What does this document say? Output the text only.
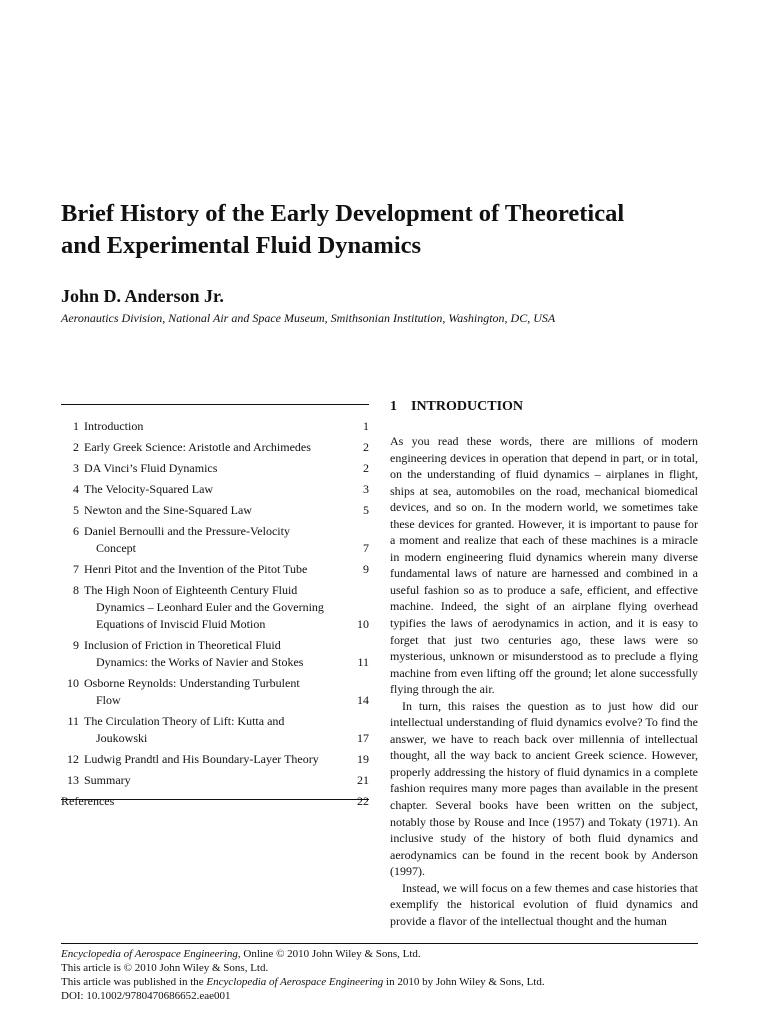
Brief History of the Early Development of Theoretical
and Experimental Fluid Dynamics
John D. Anderson Jr.
Aeronautics Division, National Air and Space Museum, Smithsonian Institution, Washington, DC, USA
1 Introduction	1
2 Early Greek Science: Aristotle and Archimedes	2
3 DA Vinci’s Fluid Dynamics	2
4 The Velocity-Squared Law	3
5 Newton and the Sine-Squared Law	5
6 Daniel Bernoulli and the Pressure-Velocity
Concept	7
7 Henri Pitot and the Invention of the Pitot Tube	9
8 The High Noon of Eighteenth Century Fluid
Dynamics – Leonhard Euler and the Governing
Equations of Inviscid Fluid Motion	10
9 Inclusion of Friction in Theoretical Fluid
Dynamics: the Works of Navier and Stokes	11
10 Osborne Reynolds: Understanding Turbulent
Flow	14
11 The Circulation Theory of Lift: Kutta and
Joukowski	17
12 Ludwig Prandtl and His Boundary-Layer Theory	19
13 Summary	21
References	22
1 INTRODUCTION

As you read these words, there are millions of modern engineering devices in operation that depend in part, or in total, on the understanding of fluid dynamics – airplanes in flight, ships at sea, automobiles on the road, mechanical biomedical devices, and so on. In the modern world, we sometimes take these devices for granted. However, it is important to pause for a moment and realize that each of these machines is a miracle in modern engineering fluid dynamics wherein many diverse fundamental laws of nature are harnessed and combined in a useful fashion so as to produce a safe, efficient, and effective machine. Indeed, the sight of an airplane flying overhead typifies the laws of aerodynamics in action, and it is easy to forget that just two centuries ago, these laws were so mysterious, unknown or misunderstood as to preclude a flying machine from even lifting off the ground; let alone successfully flying through the air.

In turn, this raises the question as to just how did our intellectual understanding of fluid dynamics evolve? To find the answer, we have to reach back over millennia of intellectual thought, all the way back to ancient Greek science. However, properly addressing the history of fluid dynamics in a complete fashion requires many more pages than available in the present chapter. Several books have been written on the subject, notably those by Rouse and Ince (1957) and Tokaty (1971). An inclusive study of the history of both fluid dynamics and aerodynamics can be found in the recent book by Anderson (1997).

Instead, we will focus on a few themes and case histories that exemplify the historical evolution of fluid dynamics and provide a flavor of the intellectual thought and the human

Encyclopedia of Aerospace Engineering, Online © 2010 John Wiley & Sons, Ltd.
This article is © 2010 John Wiley & Sons, Ltd.
This article was published in the Encyclopedia of Aerospace Engineering in 2010 by John Wiley & Sons, Ltd.
DOI: 10.1002/9780470686652.eae001
